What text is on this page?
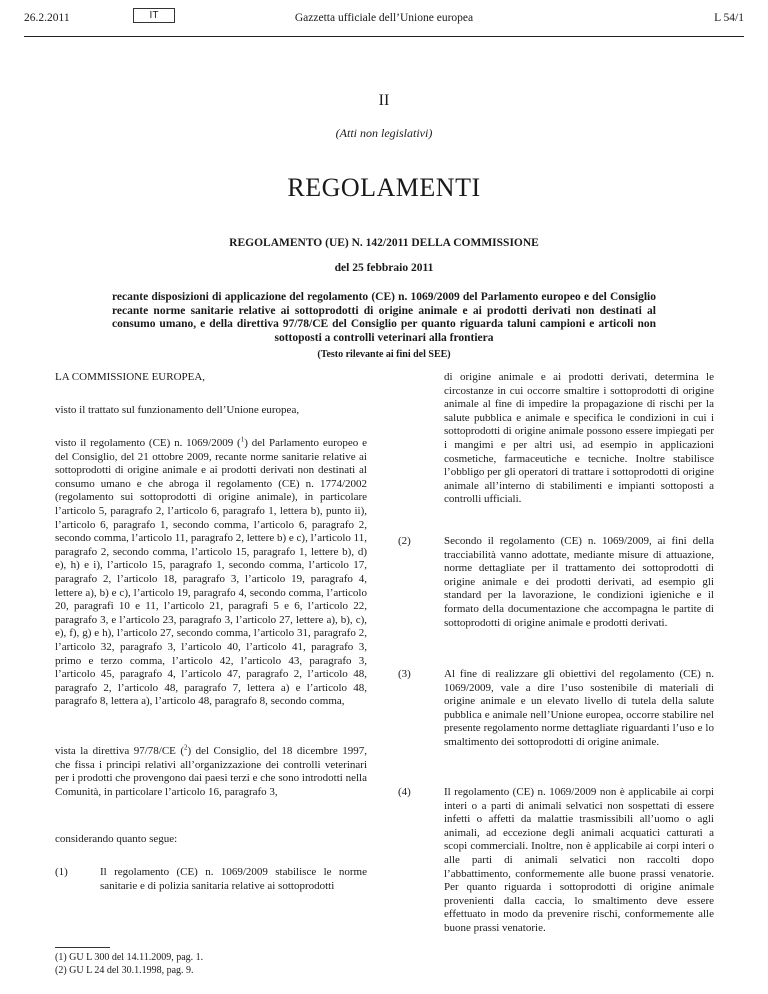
26.2.2011	IT	Gazzetta ufficiale dell’Unione europea	L 54/1
II
(Atti non legislativi)
REGOLAMENTI
REGOLAMENTO (UE) N. 142/2011 DELLA COMMISSIONE
del 25 febbraio 2011
recante disposizioni di applicazione del regolamento (CE) n. 1069/2009 del Parlamento europeo e del Consiglio recante norme sanitarie relative ai sottoprodotti di origine animale e ai prodotti derivati non destinati al consumo umano, e della direttiva 97/78/CE del Consiglio per quanto riguarda taluni campioni e articoli non sottoposti a controlli veterinari alla frontiera
(Testo rilevante ai fini del SEE)
LA COMMISSIONE EUROPEA,
visto il trattato sul funzionamento dell’Unione europea,
visto il regolamento (CE) n. 1069/2009 ($^1$) del Parlamento europeo e del Consiglio, del 21 ottobre 2009, recante norme sanitarie relative ai sottoprodotti di origine animale e ai prodotti derivati non destinati al consumo umano e che abroga il regolamento (CE) n. 1774/2002 (regolamento sui sottoprodotti di origine animale), in particolare l’articolo 5, paragrafo 2, l’articolo 6, paragrafo 1, lettera b), punto ii), l’articolo 6, paragrafo 1, secondo comma, l’articolo 6, paragrafo 2, secondo comma, l’articolo 11, paragrafo 2, lettere b) e c), l’articolo 11, paragrafo 2, secondo comma, l’articolo 15, paragrafo 1, lettere b), d) e), h) e i), l’articolo 15, paragrafo 1, secondo comma, l’articolo 17, paragrafo 2, l’articolo 18, paragrafo 3, l’articolo 19, paragrafo 4, lettere a), b) e c), l’articolo 19, paragrafo 4, secondo comma, l’articolo 20, paragrafi 10 e 11, l’articolo 21, paragrafi 5 e 6, l’articolo 22, paragrafo 3, e l’articolo 23, paragrafo 3, l’articolo 27, lettere a), b), c), e), f), g) e h), l’articolo 27, secondo comma, l’articolo 31, paragrafo 2, l’articolo 32, paragrafo 3, l’articolo 40, l’articolo 41, paragrafo 3, primo e terzo comma, l’articolo 42, l’articolo 43, paragrafo 3, l’articolo 45, paragrafo 4, l’articolo 47, paragrafo 2, l’articolo 48, paragrafo 2, l’articolo 48, paragrafo 7, lettera a) e l’articolo 48, paragrafo 8, lettera a), l’articolo 48, paragrafo 8, secondo comma,
vista la direttiva 97/78/CE ($^2$) del Consiglio, del 18 dicembre 1997, che fissa i principi relativi all’organizzazione dei controlli veterinari per i prodotti che provengono dai paesi terzi e che sono introdotti nella Comunità, in particolare l’articolo 16, paragrafo 3,
considerando quanto segue:
(1)	Il regolamento (CE) n. 1069/2009 stabilisce le norme sanitarie e di polizia sanitaria relative ai sottoprodotti
(1) GU L 300 del 14.11.2009, pag. 1.
(2) GU L 24 del 30.1.1998, pag. 9.
di origine animale e ai prodotti derivati, determina le circostanze in cui occorre smaltire i sottoprodotti di origine animale al fine di impedire la propagazione di rischi per la salute pubblica e animale e specifica le condizioni in cui i sottoprodotti di origine animale possono essere impiegati per i mangimi e per altri usi, ad esempio in applicazioni cosmetiche, farmaceutiche e tecniche. Inoltre stabilisce l’obbligo per gli operatori di trattare i sottoprodotti di origine animale all’interno di stabilimenti e impianti sottoposti a controlli ufficiali.
(2)	Secondo il regolamento (CE) n. 1069/2009, ai fini della tracciabilità vanno adottate, mediante misure di attuazione, norme dettagliate per il trattamento dei sottoprodotti di origine animale e dei prodotti derivati, ad esempio gli standard per la lavorazione, le condizioni igieniche e il formato della documentazione che accompagna le partite di sottoprodotti di origine animale e prodotti derivati.
(3)	Al fine di realizzare gli obiettivi del regolamento (CE) n. 1069/2009, vale a dire l’uso sostenibile di materiali di origine animale e un elevato livello di tutela della salute pubblica e animale nell’Unione europea, occorre stabilire nel presente regolamento norme dettagliate riguardanti l’uso e lo smaltimento dei sottoprodotti di origine animale.
(4)	Il regolamento (CE) n. 1069/2009 non è applicabile ai corpi interi o a parti di animali selvatici non sospettati di essere infetti o affetti da malattie trasmissibili all’uomo o agli animali, ad eccezione degli animali acquatici catturati a scopi commerciali. Inoltre, non è applicabile ai corpi interi o alle parti di animali selvatici non raccolti dopo l’abbattimento, conformemente alle buone prassi venatorie. Per quanto riguarda i sottoprodotti di origine animale provenienti dalla caccia, lo smaltimento deve essere effettuato in modo da prevenire rischi, conformemente alle buone prassi venatorie.
